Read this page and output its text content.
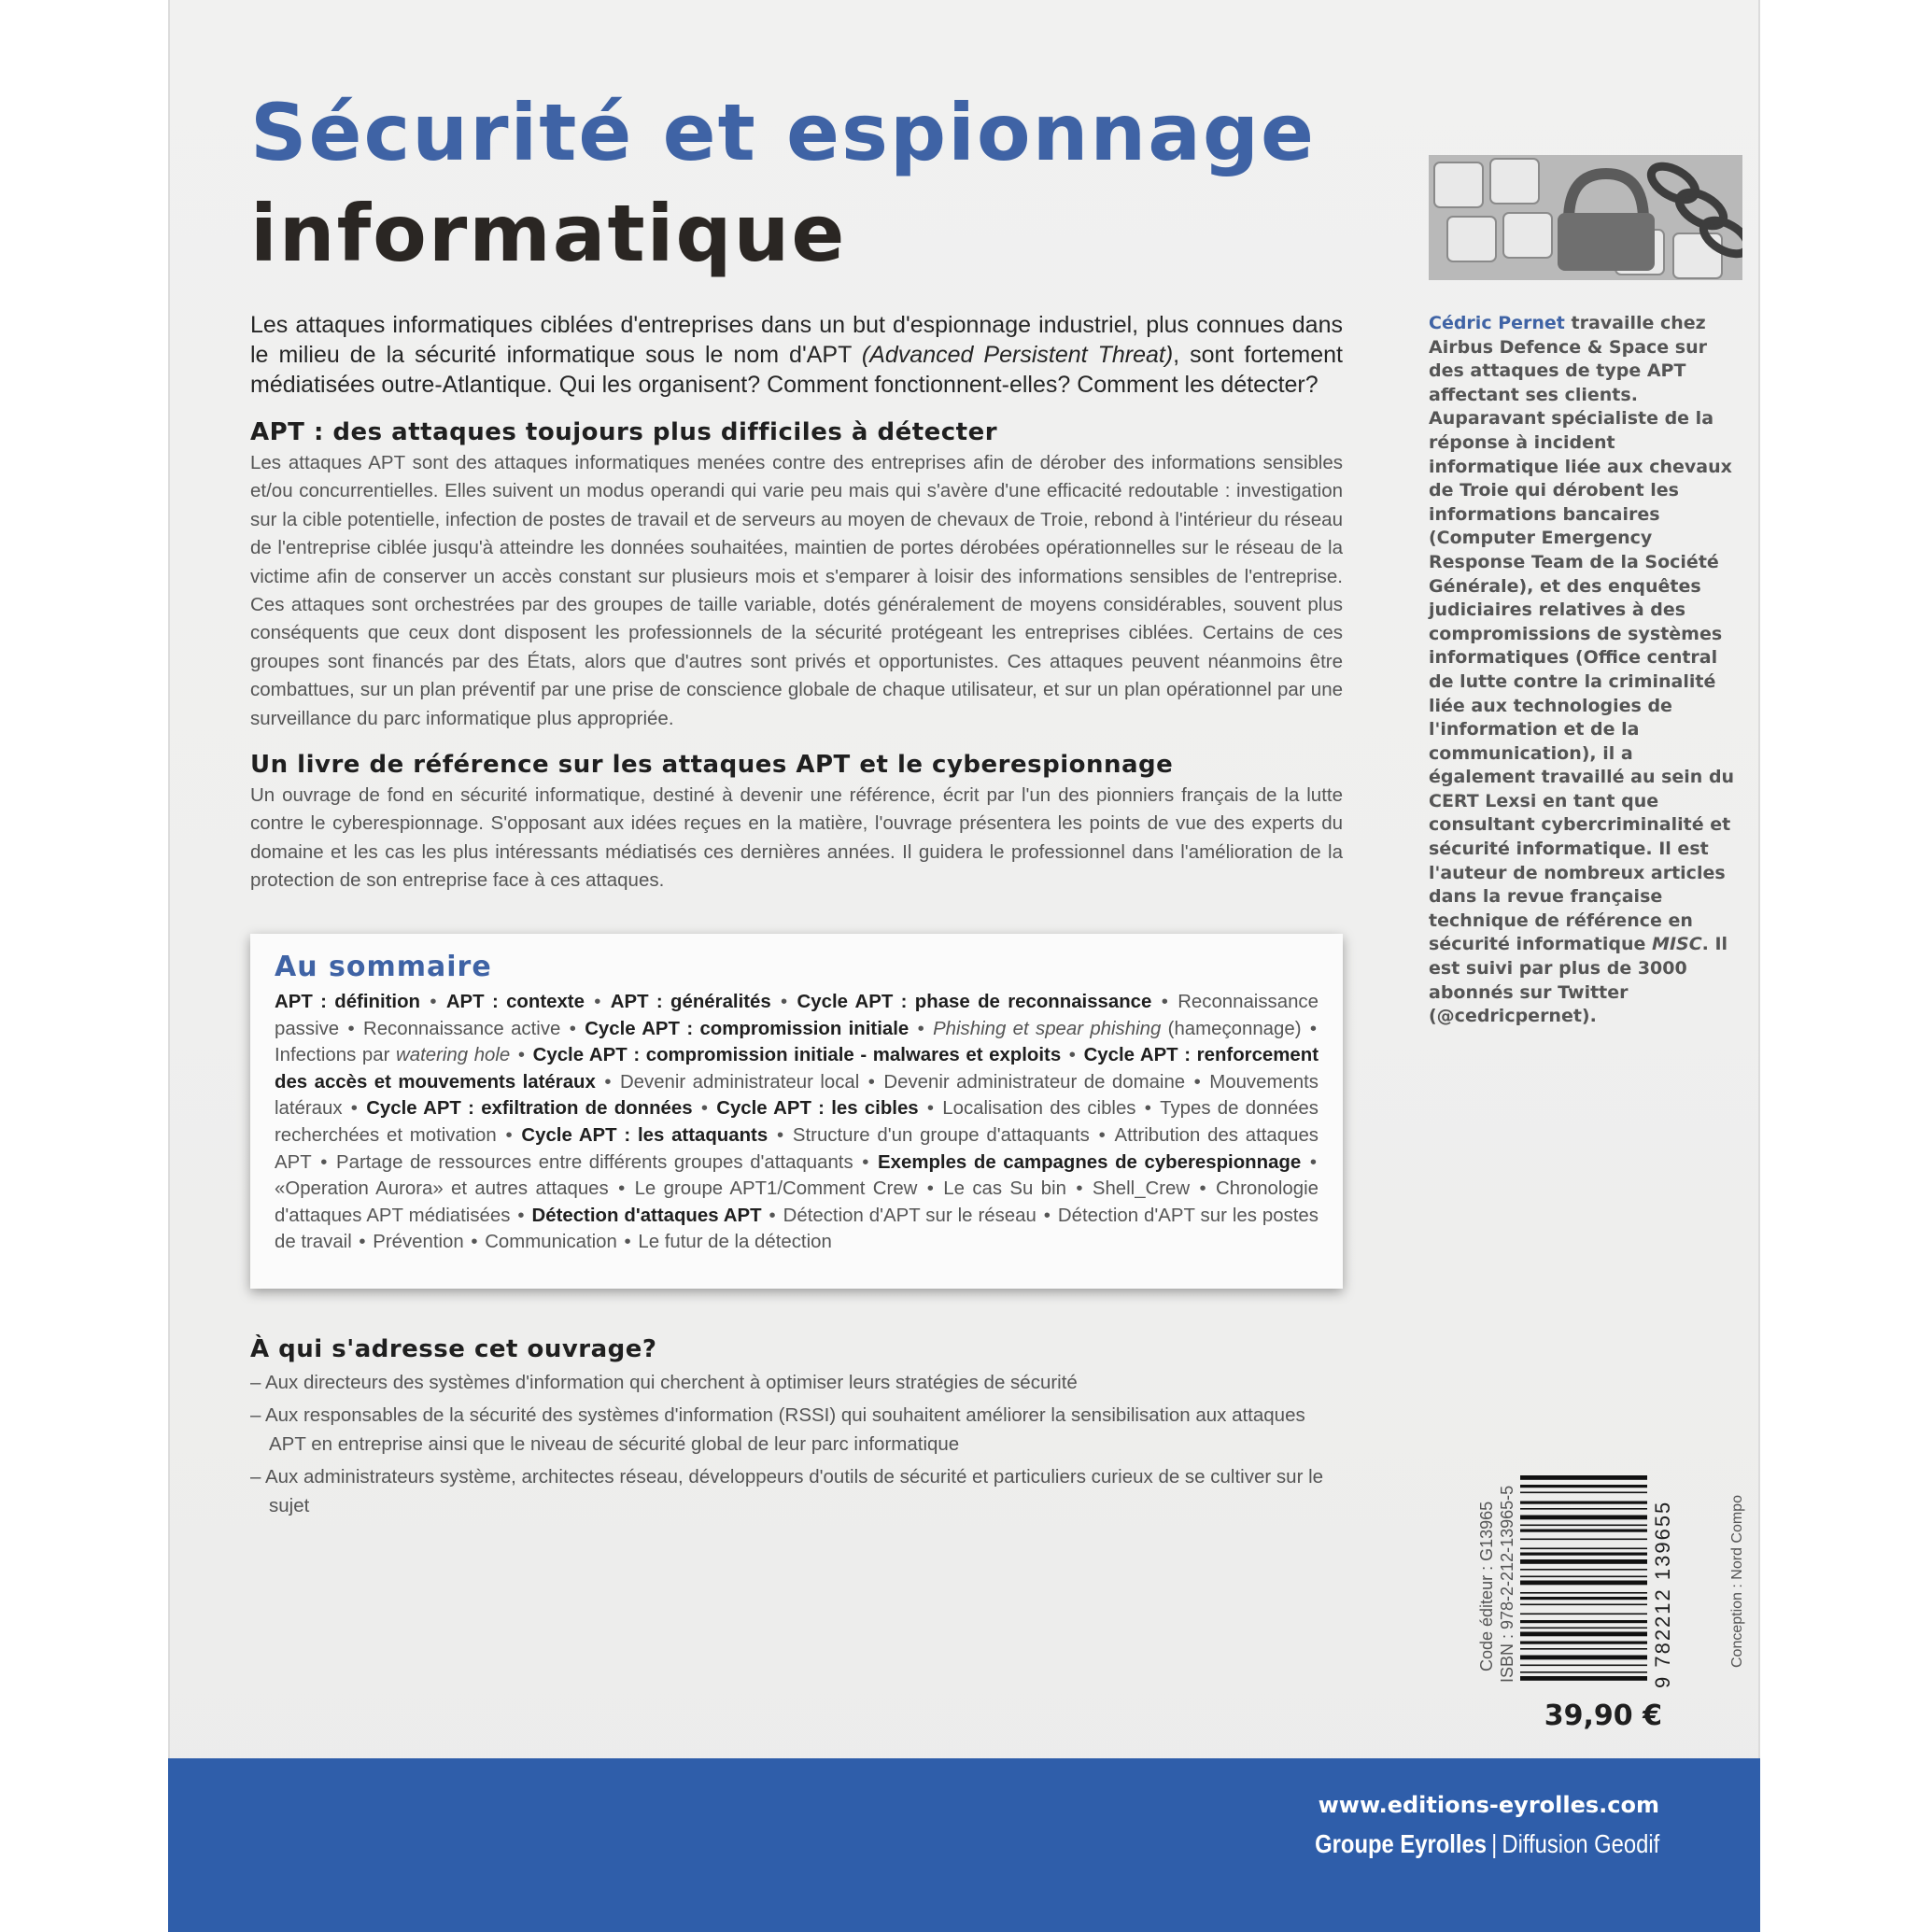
Sécurité et espionnage
informatique

Les attaques informatiques ciblées d'entreprises dans un but d'espionnage industriel, plus connues dans le milieu de la sécurité informatique sous le nom d'APT (Advanced Persistent Threat), sont fortement médiatisées outre-Atlantique. Qui les organisent? Comment fonctionnent-elles? Comment les détecter?

APT : des attaques toujours plus difficiles à détecter

Les attaques APT sont des attaques informatiques menées contre des entreprises afin de dérober des informations sensibles et/ou concurrentielles. Elles suivent un modus operandi qui varie peu mais qui s'avère d'une efficacité redoutable : investigation sur la cible potentielle, infection de postes de travail et de serveurs au moyen de chevaux de Troie, rebond à l'intérieur du réseau de l'entreprise ciblée jusqu'à atteindre les données souhaitées, maintien de portes dérobées opérationnelles sur le réseau de la victime afin de conserver un accès constant sur plusieurs mois et s'emparer à loisir des informations sensibles de l'entreprise. Ces attaques sont orchestrées par des groupes de taille variable, dotés généralement de moyens considérables, souvent plus conséquents que ceux dont disposent les professionnels de la sécurité protégeant les entreprises ciblées. Certains de ces groupes sont financés par des États, alors que d'autres sont privés et opportunistes. Ces attaques peuvent néanmoins être combattues, sur un plan préventif par une prise de conscience globale de chaque utilisateur, et sur un plan opérationnel par une surveillance du parc informatique plus appropriée.

Un livre de référence sur les attaques APT et le cyberespionnage

Un ouvrage de fond en sécurité informatique, destiné à devenir une référence, écrit par l'un des pionniers français de la lutte contre le cyberespionnage. S'opposant aux idées reçues en la matière, l'ouvrage présentera les points de vue des experts du domaine et les cas les plus intéressants médiatisés ces dernières années. Il guidera le professionnel dans l'amélioration de la protection de son entreprise face à ces attaques.

Au sommaire

APT : définition • APT : contexte • APT : généralités • Cycle APT : phase de reconnaissance • Reconnaissance passive • Reconnaissance active • Cycle APT : compromission initiale • Phishing et spear phishing (hameçonnage) • Infections par watering hole • Cycle APT : compromission initiale - malwares et exploits • Cycle APT : renforcement des accès et mouvements latéraux • Devenir administrateur local • Devenir administrateur de domaine • Mouvements latéraux • Cycle APT : exfiltration de données • Cycle APT : les cibles • Localisation des cibles • Types de données recherchées et motivation • Cycle APT : les attaquants • Structure d'un groupe d'attaquants • Attribution des attaques APT • Partage de ressources entre différents groupes d'attaquants • Exemples de campagnes de cyberespionnage • «Operation Aurora» et autres attaques • Le groupe APT1/Comment Crew • Le cas Su bin • Shell_Crew • Chronologie d'attaques APT médiatisées • Détection d'attaques APT • Détection d'APT sur le réseau • Détection d'APT sur les postes de travail • Prévention • Communication • Le futur de la détection

À qui s'adresse cet ouvrage?
– Aux directeurs des systèmes d'information qui cherchent à optimiser leurs stratégies de sécurité
– Aux responsables de la sécurité des systèmes d'information (RSSI) qui souhaitent améliorer la sensibilisation aux attaques APT en entreprise ainsi que le niveau de sécurité global de leur parc informatique
– Aux administrateurs système, architectes réseau, développeurs d'outils de sécurité et particuliers curieux de se cultiver sur le sujet

Cédric Pernet travaille chez Airbus Defence & Space sur des attaques de type APT affectant ses clients. Auparavant spécialiste de la réponse à incident informatique liée aux chevaux de Troie qui dérobent les informations bancaires (Computer Emergency Response Team de la Société Générale), et des enquêtes judiciaires relatives à des compromissions de systèmes informatiques (Office central de lutte contre la criminalité liée aux technologies de l'information et de la communication), il a également travaillé au sein du CERT Lexsi en tant que consultant cybercriminalité et sécurité informatique. Il est l'auteur de nombreux articles dans la revue française technique de référence en sécurité informatique MISC. Il est suivi par plus de 3000 abonnés sur Twitter (@cedricpernet).

Code éditeur : G13965 ISBN : 978-2-212-13965-5	9 782212 139655	Conception : Nord Compo
39,90 €
www.editions-eyrolles.com
Groupe Eyrolles | Diffusion Geodif
